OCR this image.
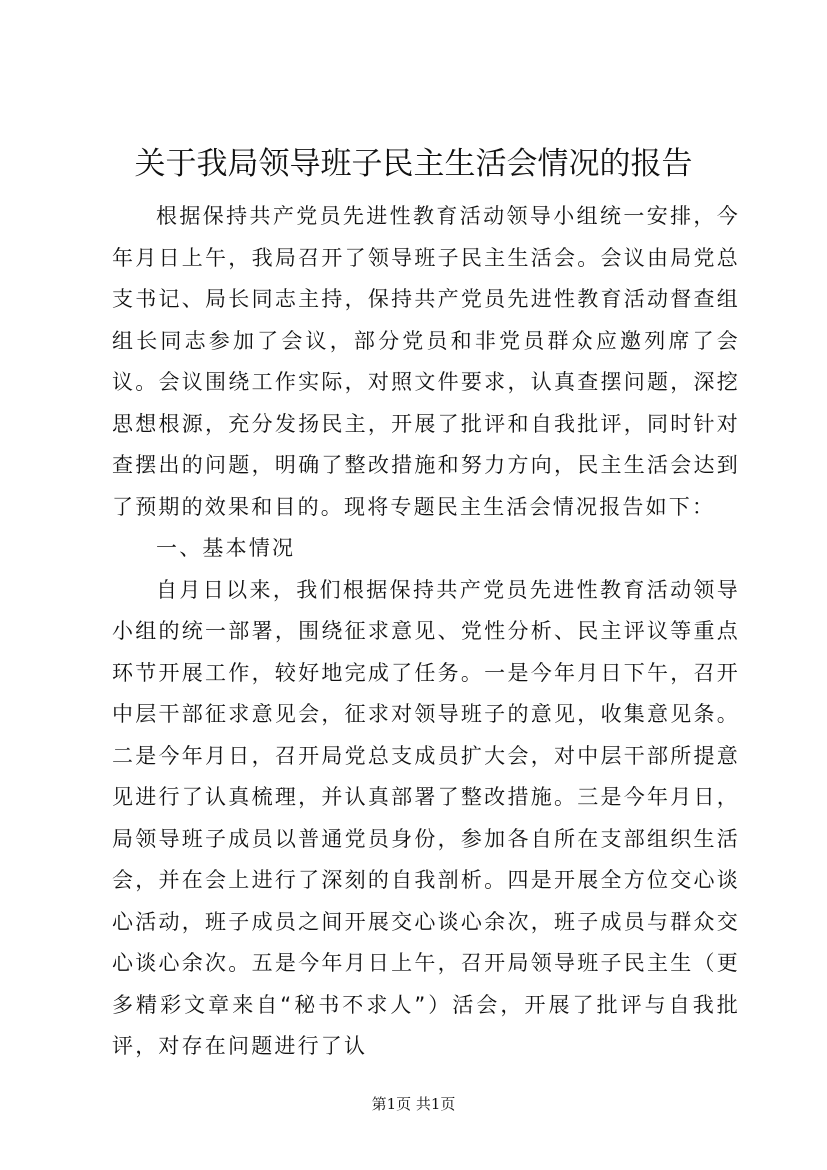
关于我局领导班子民主生活会情况的报告

根据保持共产党员先进性教育活动领导小组统一安排，今年月日上午，我局召开了领导班子民主生活会。会议由局党总支书记、局长同志主持，保持共产党员先进性教育活动督查组组长同志参加了会议，部分党员和非党员群众应邀列席了会议。会议围绕工作实际，对照文件要求，认真查摆问题，深挖思想根源，充分发扬民主，开展了批评和自我批评，同时针对查摆出的问题，明确了整改措施和努力方向，民主生活会达到了预期的效果和目的。现将专题民主生活会情况报告如下：

一、基本情况

自月日以来，我们根据保持共产党员先进性教育活动领导小组的统一部署，围绕征求意见、党性分析、民主评议等重点环节开展工作，较好地完成了任务。一是今年月日下午，召开中层干部征求意见会，征求对领导班子的意见，收集意见条。二是今年月日，召开局党总支成员扩大会，对中层干部所提意见进行了认真梳理，并认真部署了整改措施。三是今年月日，局领导班子成员以普通党员身份，参加各自所在支部组织生活会，并在会上进行了深刻的自我剖析。四是开展全方位交心谈心活动，班子成员之间开展交心谈心余次，班子成员与群众交心谈心余次。五是今年月日上午，召开局领导班子民主生（更多精彩文章来自“秘书不求人”）活会，开展了批评与自我批评，对存在问题进行了认

第1页 共1页
